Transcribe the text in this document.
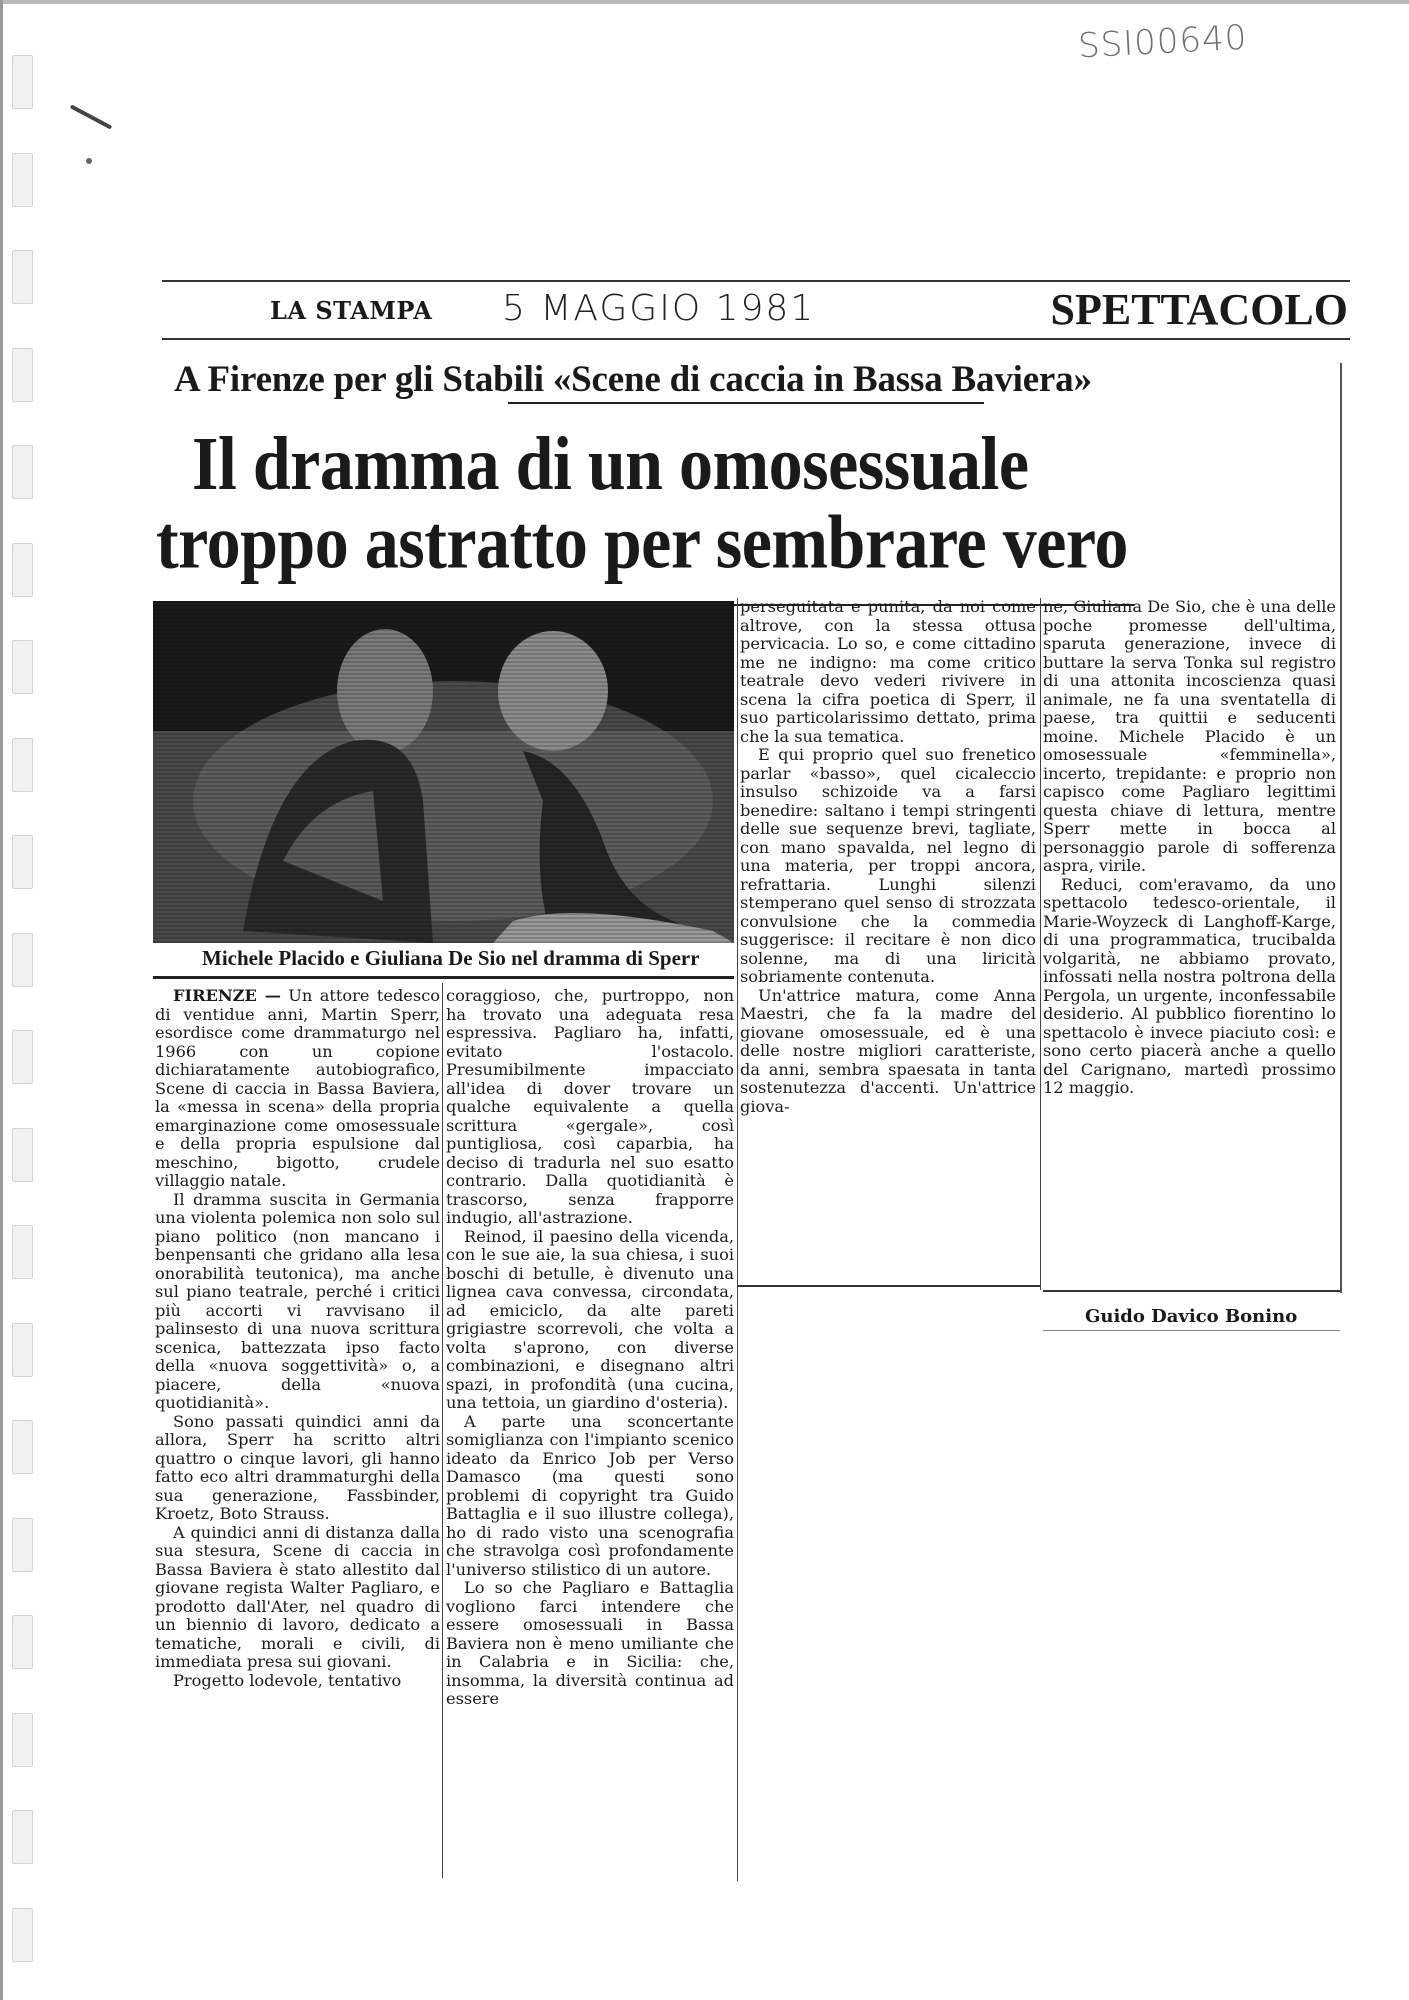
SSI00640
LA STAMPA 5 MAGGIO 1981	SPETTACOLO
A Firenze per gli Stabili «Scene di caccia in Bassa Baviera»
Il dramma di un omosessuale
troppo astratto per sembrare vero
Michele Placido e Giuliana De Sio nel dramma di Sperr

FIRENZE — Un attore tedesco di ventidue anni, Martin Sperr, esordisce come drammaturgo nel 1966 con un copione dichiaratamente autobiografico, Scene di caccia in Bassa Baviera, la «messa in scena» della propria emarginazione come omosessuale e della propria espulsione dal meschino, bigotto, crudele villaggio natale.

Il dramma suscita in Germania una violenta polemica non solo sul piano politico (non mancano i benpensanti che gridano alla lesa onorabilità teutonica), ma anche sul piano teatrale, perché i critici più accorti vi ravvisano il palinsesto di una nuova scrittura scenica, battezzata ipso facto della «nuova soggettività» o, a piacere, della «nuova quotidianità».

Sono passati quindici anni da allora, Sperr ha scritto altri quattro o cinque lavori, gli hanno fatto eco altri drammaturghi della sua generazione, Fassbinder, Kroetz, Boto Strauss.

A quindici anni di distanza dalla sua stesura, Scene di caccia in Bassa Baviera è stato allestito dal giovane regista Walter Pagliaro, e prodotto dall'Ater, nel quadro di un biennio di lavoro, dedicato a tematiche, morali e civili, di immediata presa sui giovani.

Progetto lodevole, tentativo

coraggioso, che, purtroppo, non ha trovato una adeguata resa espressiva. Pagliaro ha, infatti, evitato l'ostacolo. Presumibilmente impacciato all'idea di dover trovare un qualche equivalente a quella scrittura «gergale», così puntigliosa, così caparbia, ha deciso di tradurla nel suo esatto contrario. Dalla quotidianità è trascorso, senza frapporre indugio, all'astrazione.

Reinod, il paesino della vicenda, con le sue aie, la sua chiesa, i suoi boschi di betulle, è divenuto una lignea cava convessa, circondata, ad emiciclo, da alte pareti grigiastre scorrevoli, che volta a volta s'aprono, con diverse combinazioni, e disegnano altri spazi, in profondità (una cucina, una tettoia, un giardino d'osteria).

A parte una sconcertante somiglianza con l'impianto scenico ideato da Enrico Job per Verso Damasco (ma questi sono problemi di copyright tra Guido Battaglia e il suo illustre collega), ho di rado visto una scenografia che stravolga così profondamente l'universo stilistico di un autore.

Lo so che Pagliaro e Battaglia vogliono farci intendere che essere omosessuali in Bassa Baviera non è meno umiliante che in Calabria e in Sicilia: che, insomma, la diversità continua ad essere

perseguitata e punita, da noi come altrove, con la stessa ottusa pervicacia. Lo so, e come cittadino me ne indigno: ma come critico teatrale devo vederi rivivere in scena la cifra poetica di Sperr, il suo particolarissimo dettato, prima che la sua tematica.

E qui proprio quel suo frenetico parlar «basso», quel cicaleccio insulso schizoide va a farsi benedire: saltano i tempi stringenti delle sue sequenze brevi, tagliate, con mano spavalda, nel legno di una materia, per troppi ancora, refrattaria. Lunghi silenzi stemperano quel senso di strozzata convulsione che la commedia suggerisce: il recitare è non dico solenne, ma di una liricità sobriamente contenuta.

Un'attrice matura, come Anna Maestri, che fa la madre del giovane omosessuale, ed è una delle nostre migliori caratteriste, da anni, sembra spaesata in tanta sostenutezza d'accenti. Un'attrice giova-

ne, Giuliana De Sio, che è una delle poche promesse dell'ultima, sparuta generazione, invece di buttare la serva Tonka sul registro di una attonita incoscienza quasi animale, ne fa una sventatella di paese, tra quittii e seducenti moine. Michele Placido è un omosessuale «femminella», incerto, trepidante: e proprio non capisco come Pagliaro legittimi questa chiave di lettura, mentre Sperr mette in bocca al personaggio parole di sofferenza aspra, virile.

Reduci, com'eravamo, da uno spettacolo tedesco-orientale, il Marie-Woyzeck di Langhoff-Karge, di una programmatica, trucibalda volgarità, ne abbiamo provato, infossati nella nostra poltrona della Pergola, un urgente, inconfessabile desiderio. Al pubblico fiorentino lo spettacolo è invece piaciuto così: e sono certo piacerà anche a quello del Carignano, martedì prossimo 12 maggio.

Guido Davico Bonino
